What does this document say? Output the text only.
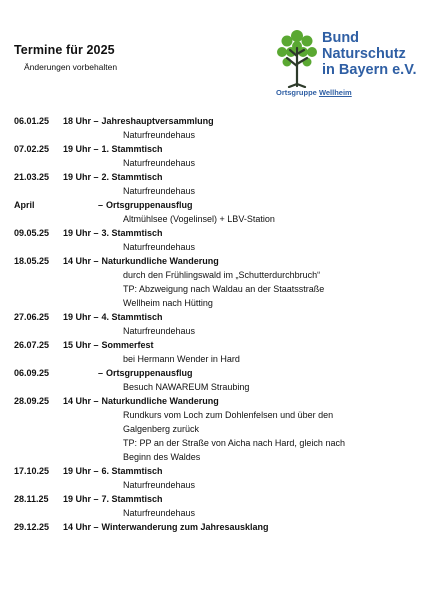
Termine für 2025
Änderungen vorbehalten
Bund
Naturschutz
in Bayern e.V.
Ortsgruppe Wellheim
06.01.25	18 Uhr – Jahreshauptversammlung
Naturfreundehaus
07.02.25	19 Uhr – 1. Stammtisch
Naturfreundehaus
21.03.25	19 Uhr – 2. Stammtisch
Naturfreundehaus
April	– Ortsgruppenausflug
Altmühlsee (Vogelinsel) + LBV-Station
09.05.25	19 Uhr – 3. Stammtisch
Naturfreundehaus
18.05.25	14 Uhr – Naturkundliche Wanderung
durch den Frühlingswald im „Schutterdurchbruch“
TP: Abzweigung nach Waldau an der Staatsstraße
Wellheim nach Hütting
27.06.25	19 Uhr – 4. Stammtisch
Naturfreundehaus
26.07.25	15 Uhr – Sommerfest
bei Hermann Wender in Hard
06.09.25	– Ortsgruppenausflug
Besuch NAWAREUM Straubing
28.09.25	14 Uhr – Naturkundliche Wanderung
Rundkurs vom Loch zum Dohlenfelsen und über den
Galgenberg zurück
TP: PP an der Straße von Aicha nach Hard, gleich nach
Beginn des Waldes
17.10.25	19 Uhr – 6. Stammtisch
Naturfreundehaus
28.11.25	19 Uhr – 7. Stammtisch
Naturfreundehaus
29.12.25	14 Uhr – Winterwanderung zum Jahresausklang
